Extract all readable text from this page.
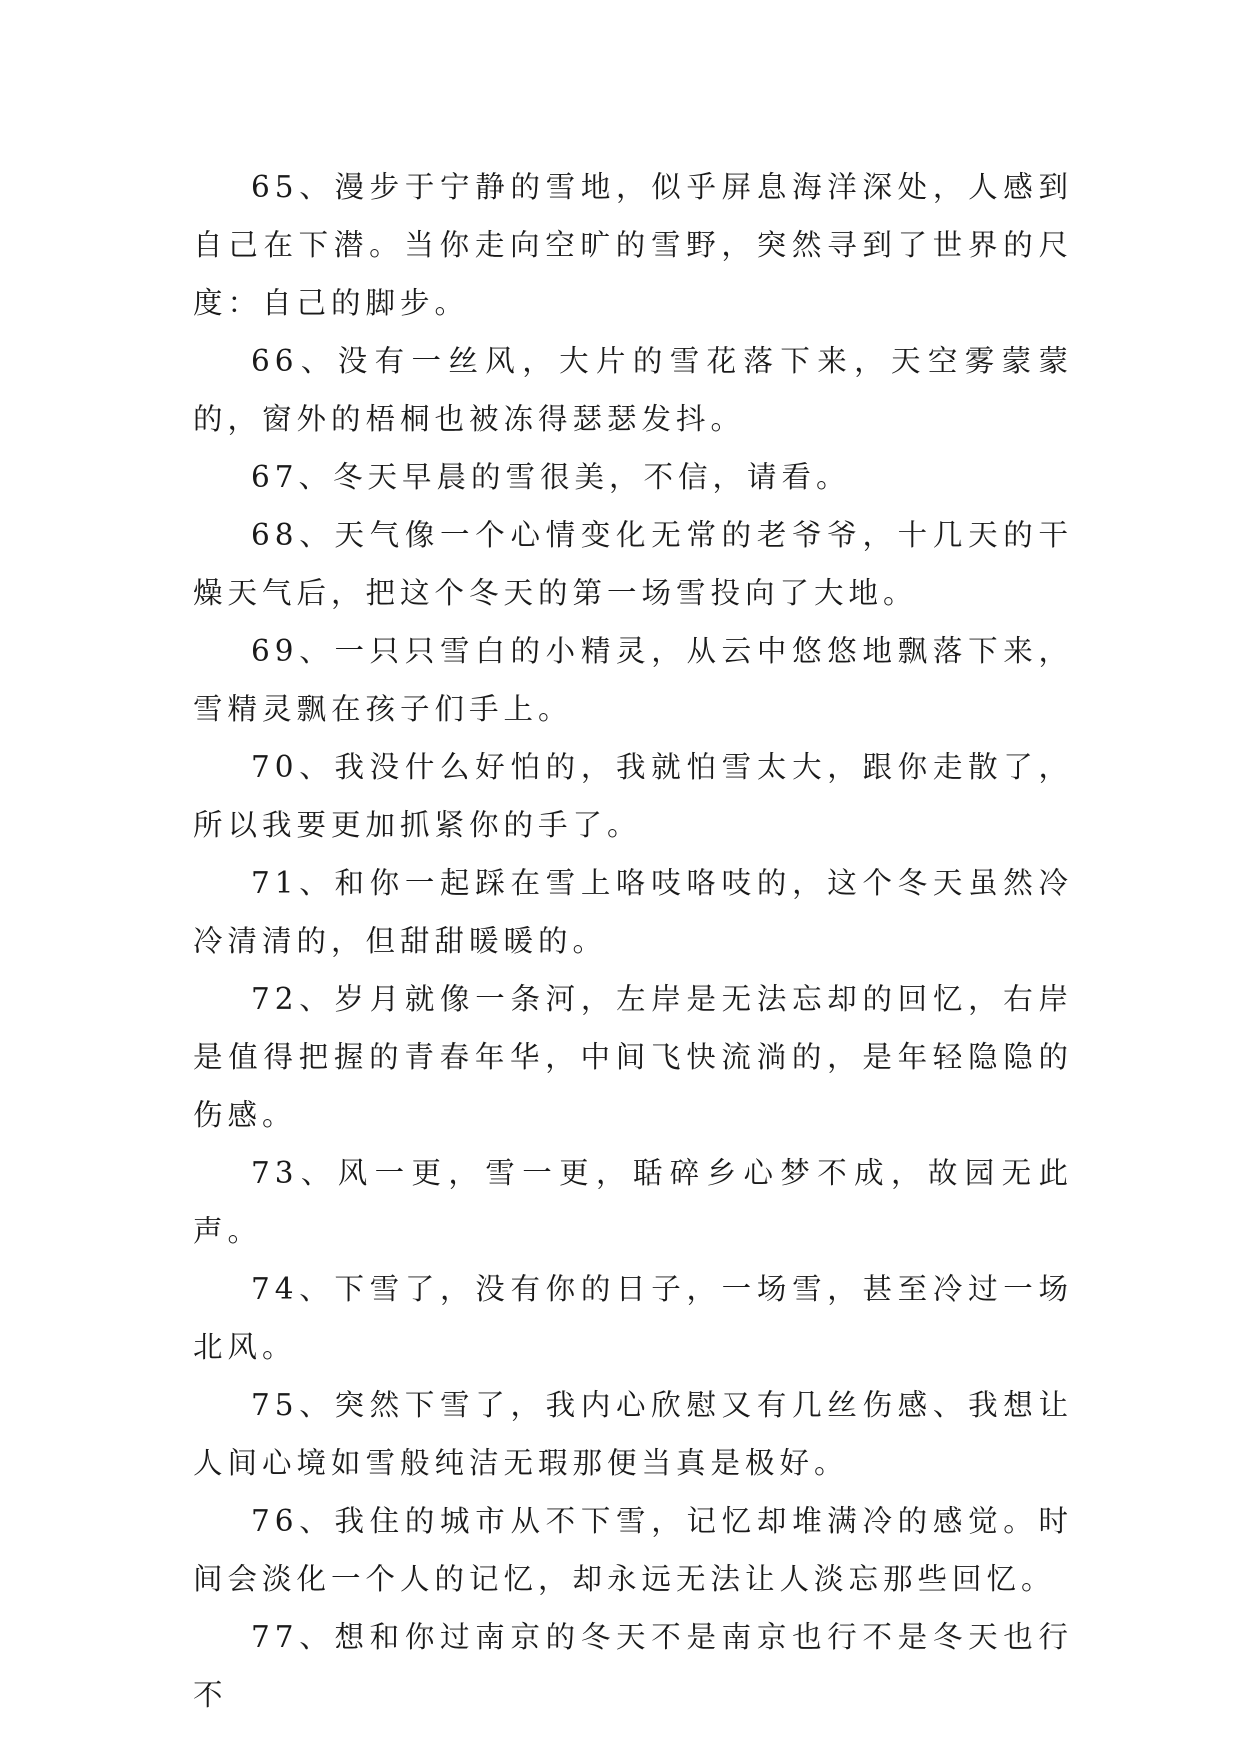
65、漫步于宁静的雪地，似乎屏息海洋深处，人感到自己在下潜。当你走向空旷的雪野，突然寻到了世界的尺度：自己的脚步。

66、没有一丝风，大片的雪花落下来，天空雾蒙蒙的，窗外的梧桐也被冻得瑟瑟发抖。

67、冬天早晨的雪很美，不信，请看。

68、天气像一个心情变化无常的老爷爷，十几天的干燥天气后，把这个冬天的第一场雪投向了大地。

69、一只只雪白的小精灵，从云中悠悠地飘落下来，雪精灵飘在孩子们手上。

70、我没什么好怕的，我就怕雪太大，跟你走散了，所以我要更加抓紧你的手了。

71、和你一起踩在雪上咯吱咯吱的，这个冬天虽然冷冷清清的，但甜甜暖暖的。

72、岁月就像一条河，左岸是无法忘却的回忆，右岸是值得把握的青春年华，中间飞快流淌的，是年轻隐隐的伤感。

73、风一更，雪一更，聒碎乡心梦不成，故园无此声。

74、下雪了，没有你的日子，一场雪，甚至冷过一场北风。

75、突然下雪了，我内心欣慰又有几丝伤感、我想让人间心境如雪般纯洁无瑕那便当真是极好。

76、我住的城市从不下雪，记忆却堆满冷的感觉。时间会淡化一个人的记忆，却永远无法让人淡忘那些回忆。

77、想和你过南京的冬天不是南京也行不是冬天也行不
